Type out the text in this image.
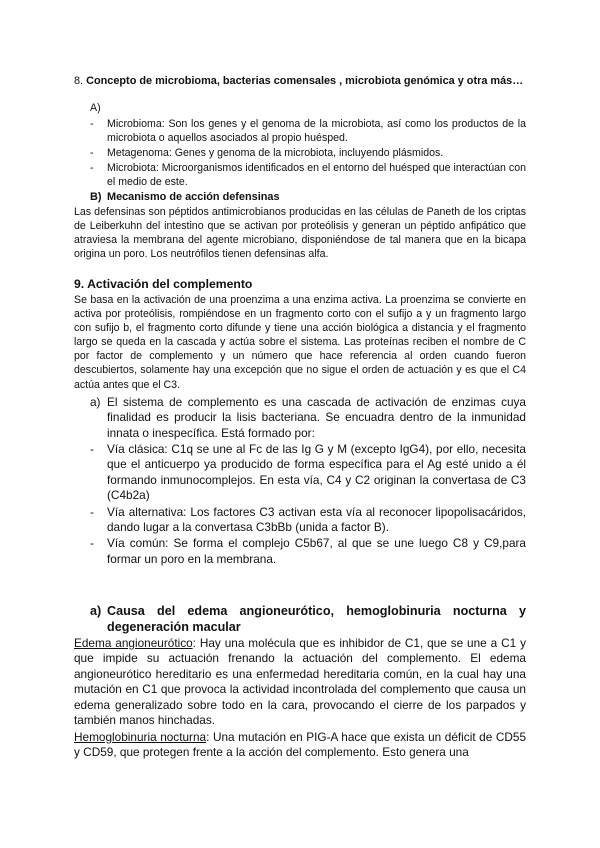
8. Concepto de microbioma, bacterias comensales , microbiota genómica y otra más…
A)
- Microbioma: Son los genes y el genoma de la microbiota, así como los productos de la microbiota o aquellos asociados al propio huésped.
- Metagenoma: Genes y genoma de la microbiota, incluyendo plásmidos.
- Microbiota: Microorganismos identificados en el entorno del huésped que interactúan con el medio de este.
B) Mecanismo de acción defensinas

Las defensinas son péptidos antimicrobianos producidas en las células de Paneth de los criptas de Leiberkuhn del intestino que se activan por proteólisis y generan un péptido anfipático que atraviesa la membrana del agente microbiano, disponiéndose de tal manera que en la bicapa origina un poro. Los neutrófilos tienen defensinas alfa.

9. Activación del complemento

Se basa en la activación de una proenzima a una enzima activa. La proenzima se convierte en activa por proteólisis, rompiéndose en un fragmento corto con el sufijo a y un fragmento largo con sufijo b, el fragmento corto difunde y tiene una acción biológica a distancia y el fragmento largo se queda en la cascada y actúa sobre el sistema. Las proteínas reciben el nombre de C por factor de complemento y un número que hace referencia al orden cuando fueron descubiertos, solamente hay una excepción que no sigue el orden de actuación y es que el C4 actúa antes que el C3.

a) El sistema de complemento es una cascada de activación de enzimas cuya finalidad es producir la lisis bacteriana. Se encuadra dentro de la inmunidad innata o inespecífica. Está formado por:
- Vía clásica: C1q se une al Fc de las Ig G y M (excepto IgG4), por ello, necesita que el anticuerpo ya producido de forma específica para el Ag esté unido a él formando inmunocomplejos. En esta vía, C4 y C2 originan la convertasa de C3 (C4b2a)
- Vía alternativa: Los factores C3 activan esta vía al reconocer lipopolisacáridos, dando lugar a la convertasa C3bBb (unida a factor B).
- Vía común: Se forma el complejo C5b67, al que se une luego C8 y C9,para formar un poro en la membrana.
a) Causa del edema angioneurótico, hemoglobinuria nocturna y
degeneración macular

Edema angioneurótico: Hay una molécula que es inhibidor de C1, que se une a C1 y que impide su actuación frenando la actuación del complemento. El edema angioneurótico hereditario es una enfermedad hereditaria común, en la cual hay una mutación en C1 que provoca la actividad incontrolada del complemento que causa un edema generalizado sobre todo en la cara, provocando el cierre de los parpados y también manos hinchadas.

Hemoglobinuria nocturna: Una mutación en PIG-A hace que exista un déficit de CD55 y CD59, que protegen frente a la acción del complemento. Esto genera una
